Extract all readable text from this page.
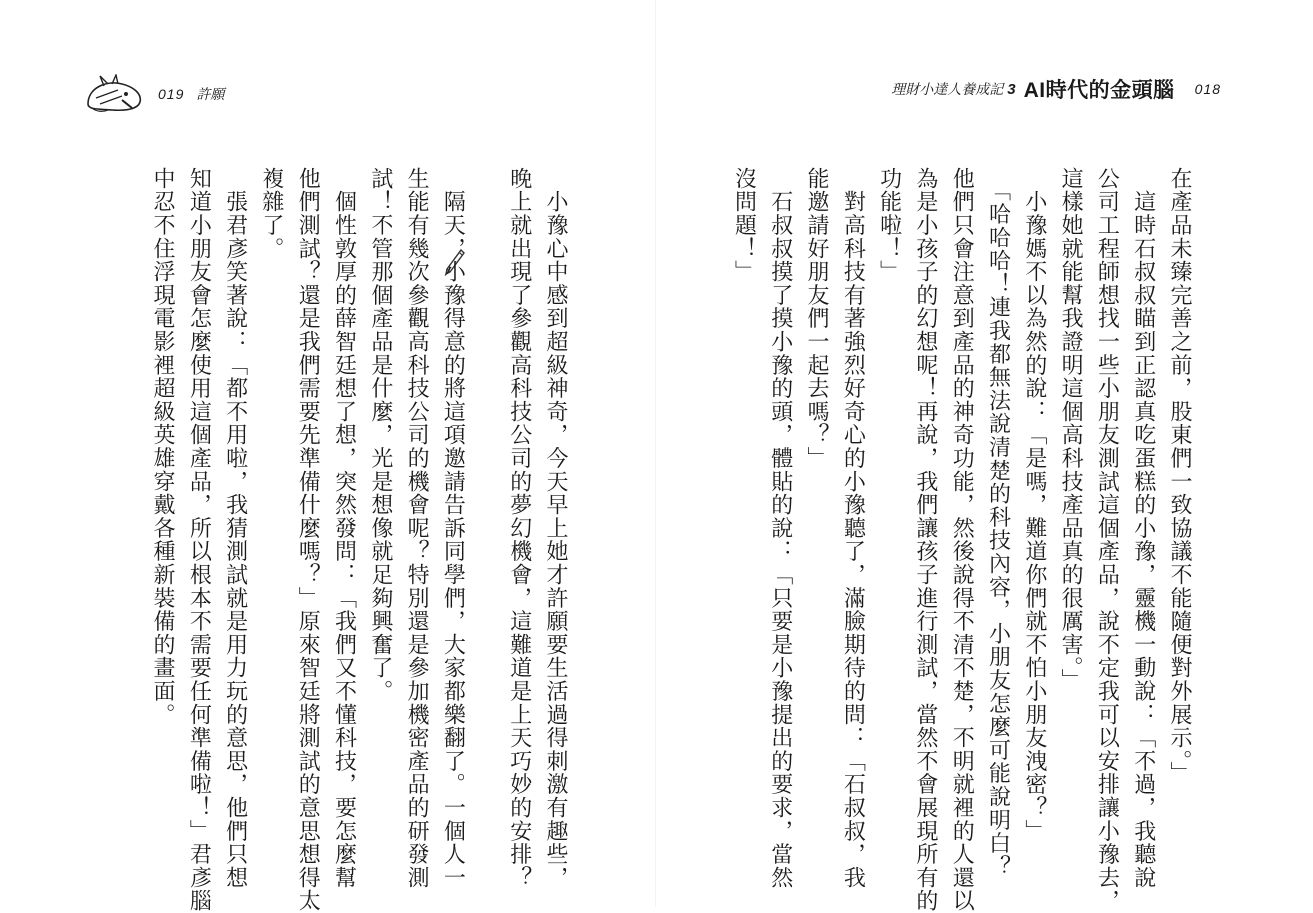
019 許願
　小豫心中感到超級神奇，今天早上她才許願要生活過得刺激有趣些，
晚上就出現了參觀高科技公司的夢幻機會，這難道是上天巧妙的安排？
　隔天，小豫得意的將這項邀請告訴同學們，大家都樂翻了。一個人一
生能有幾次參觀高科技公司的機會呢？特別還是參加機密產品的研發測
試！不管那個產品是什麼，光是想像就足夠興奮了。
　個性敦厚的薛智廷想了想，突然發問：「我們又不懂科技，要怎麼幫
他們測試？還是我們需要先準備什麼嗎？」原來智廷將測試的意思想得太
複雜了。
　張君彥笑著說：「都不用啦，我猜測試就是用力玩的意思，他們只想
知道小朋友會怎麼使用這個產品，所以根本不需要任何準備啦！」君彥腦
中忍不住浮現電影裡超級英雄穿戴各種新裝備的畫面。
理財小達人養成記 3 AI時代的金頭腦 018
在產品未臻完善之前，股東們一致協議不能隨便對外展示。」
　這時石叔叔瞄到正認真吃蛋糕的小豫，靈機一動說：「不過，我聽說
公司工程師想找一些小朋友測試這個產品，說不定我可以安排讓小豫去，
這樣她就能幫我證明這個高科技產品真的很厲害。」
　小豫媽不以為然的說：「是嗎，難道你們就不怕小朋友洩密？」
　「哈哈哈！連我都無法說清楚的科技內容，小朋友怎麼可能說明白？
他們只會注意到產品的神奇功能，然後說得不清不楚，不明就裡的人還以
為是小孩子的幻想呢！再說，我們讓孩子進行測試，當然不會展現所有的
功能啦！」
　對高科技有著強烈好奇心的小豫聽了，滿臉期待的問：「石叔叔，我
能邀請好朋友們一起去嗎？」
　石叔叔摸了摸小豫的頭，體貼的說：「只要是小豫提出的要求，當然
沒問題！」
